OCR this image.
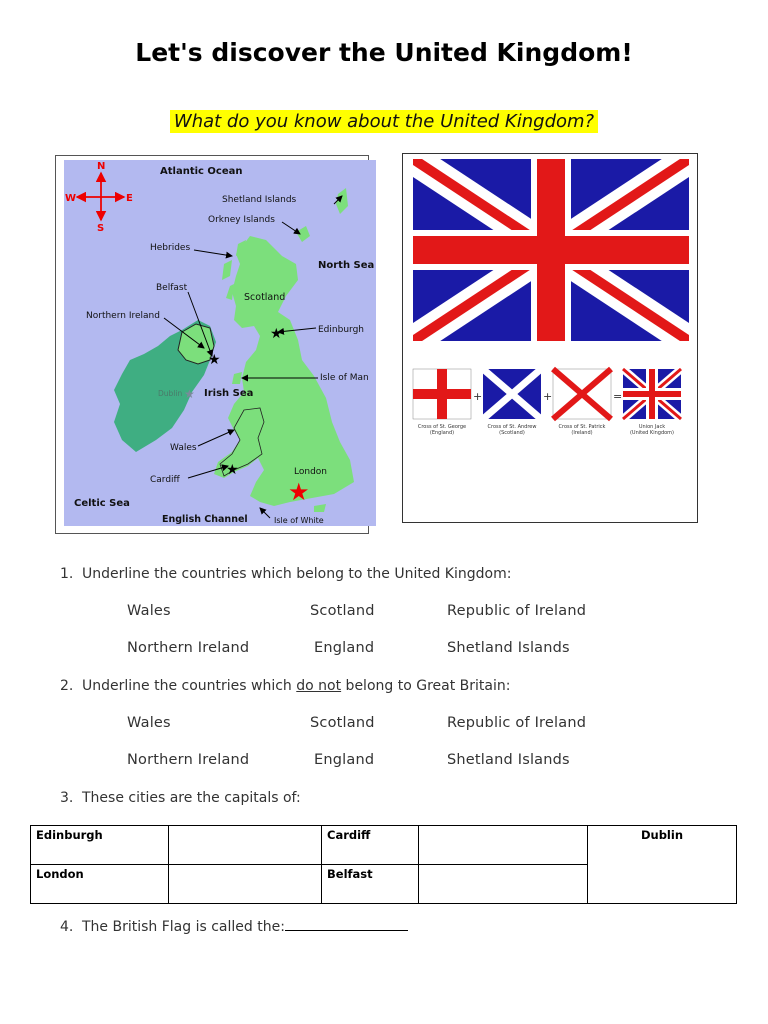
Let's discover the United Kingdom!
What do you know about the United Kingdom?
N
S
E
W
Atlantic Ocean
Shetland Islands
Orkney Islands
Hebrides
North Sea
Belfast
Scotland
Northern Ireland
Edinburgh
Dublin Irish Sea
Isle of Man
Wales
Cardiff
London
Celtic Sea
English Channel	Isle of White
★
★
★
★
★
+	+	=
Cross of St. George
(England)
Cross of St. Andrew
(Scotland)
Cross of St. Patrick
(Ireland)
Union Jack
(United Kingdom)
1. Underline the countries which belong to the United Kingdom:
Wales	Scotland	Republic of Ireland
Northern Ireland	England	Shetland Islands
2. Underline the countries which do not belong to Great Britain:
Wales	Scotland	Republic of Ireland
Northern Ireland	England	Shetland Islands
3. These cities are the capitals of:
Edinburgh		Cardiff		Dublin
London		Belfast		
4. The British Flag is called the:
